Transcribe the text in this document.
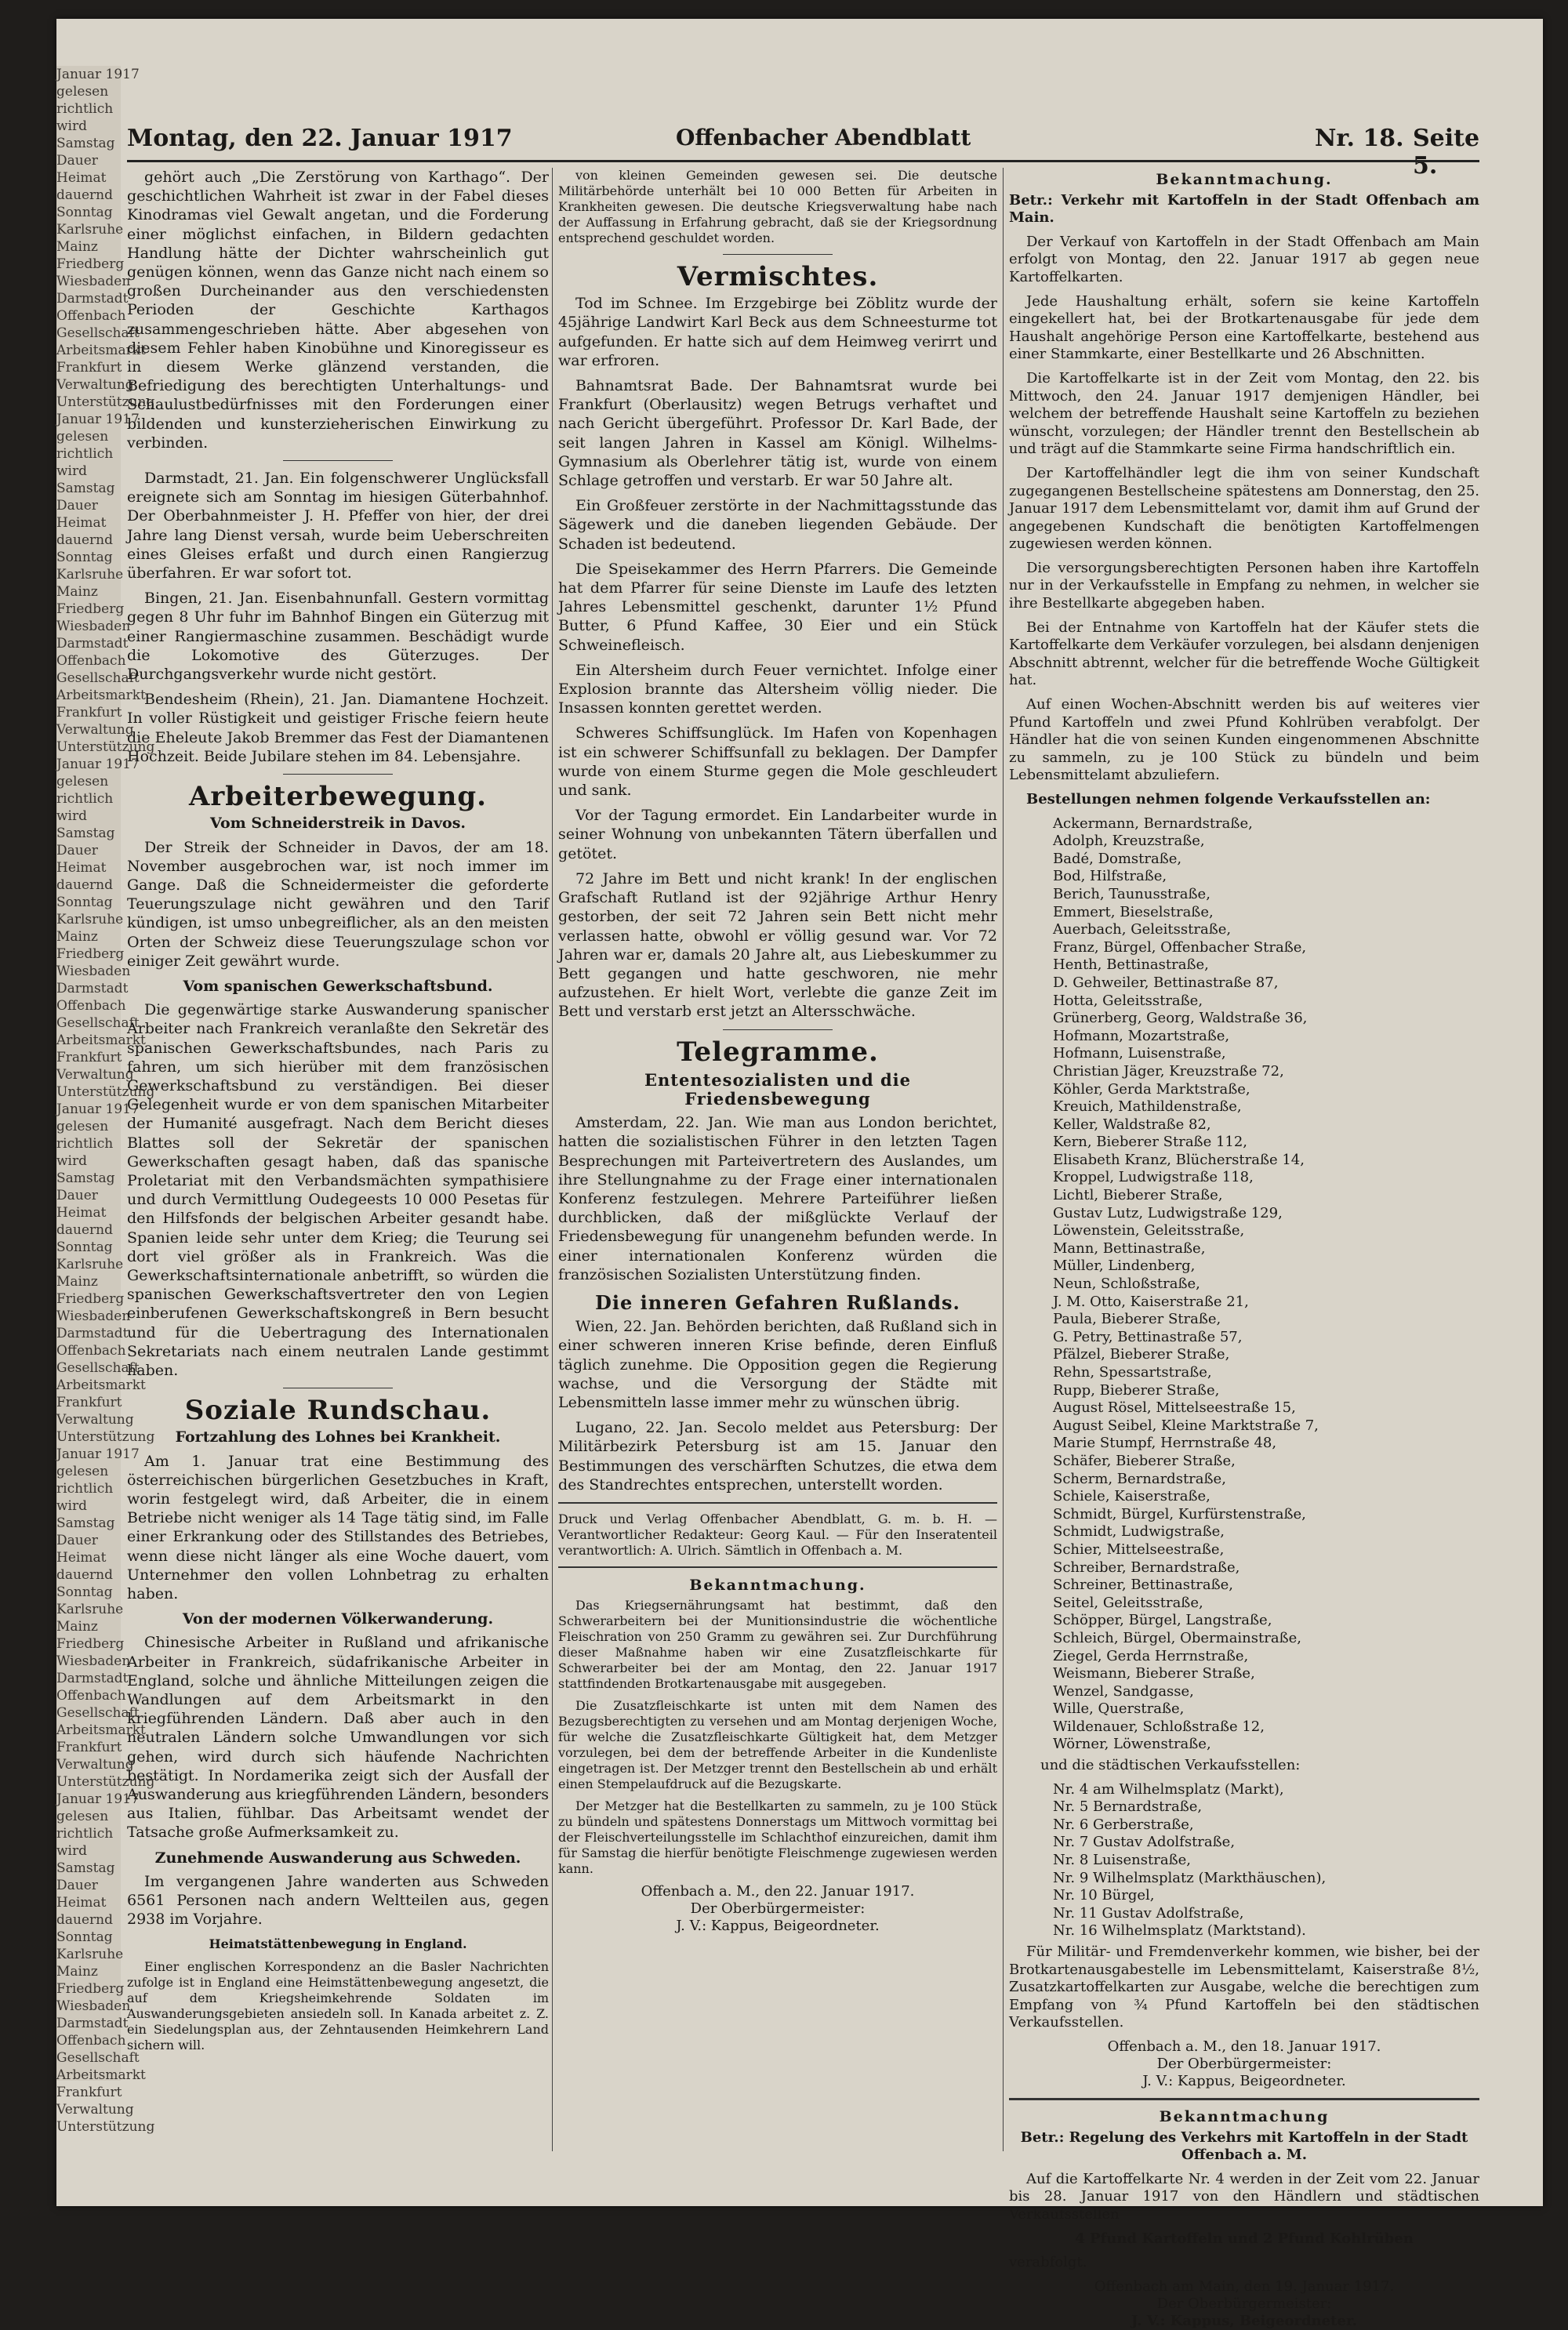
Januar 1917
gelesen
richtlich
wird
Samstag
Dauer
Heimat
dauernd
Sonntag
Karlsruhe
Mainz
Friedberg
Wiesbaden
Darmstadt
Offenbach
Gesellschaft
Arbeitsmarkt
Frankfurt
Verwaltung
Unterstützung
Januar 1917
gelesen
richtlich
wird
Samstag
Dauer
Heimat
dauernd
Sonntag
Karlsruhe
Mainz
Friedberg
Wiesbaden
Darmstadt
Offenbach
Gesellschaft
Arbeitsmarkt
Frankfurt
Verwaltung
Unterstützung
Januar 1917
gelesen
richtlich
wird
Samstag
Dauer
Heimat
dauernd
Sonntag
Karlsruhe
Mainz
Friedberg
Wiesbaden
Darmstadt
Offenbach
Gesellschaft
Arbeitsmarkt
Frankfurt
Verwaltung
Unterstützung
Januar 1917
gelesen
richtlich
wird
Samstag
Dauer
Heimat
dauernd
Sonntag
Karlsruhe
Mainz
Friedberg
Wiesbaden
Darmstadt
Offenbach
Gesellschaft
Arbeitsmarkt
Frankfurt
Verwaltung
Unterstützung
Januar 1917
gelesen
richtlich
wird
Samstag
Dauer
Heimat
dauernd
Sonntag
Karlsruhe
Mainz
Friedberg
Wiesbaden
Darmstadt
Offenbach
Gesellschaft
Arbeitsmarkt
Frankfurt
Verwaltung
Unterstützung
Januar 1917
gelesen
richtlich
wird
Samstag
Dauer
Heimat
dauernd
Sonntag
Karlsruhe
Mainz
Friedberg
Wiesbaden
Darmstadt
Offenbach
Gesellschaft
Arbeitsmarkt
Frankfurt
Verwaltung
Unterstützung
Montag, den 22. Januar 1917	Offenbacher Abendblatt	Nr. 18. Seite 5.

gehört auch „Die Zerstörung von Karthago“. Der geschichtlichen Wahrheit ist zwar in der Fabel dieses Kinodramas viel Gewalt angetan, und die Forderung einer möglichst einfachen, in Bildern gedachten Handlung hätte der Dichter wahrscheinlich gut genügen können, wenn das Ganze nicht nach einem so großen Durcheinander aus den verschiedensten Perioden der Geschichte Karthagos zusammengeschrieben hätte. Aber abgesehen von diesem Fehler haben Kinobühne und Kinoregisseur es in diesem Werke glänzend verstanden, die Befriedigung des berechtigten Unterhaltungs- und Schaulustbedürfnisses mit den Forderungen einer bildenden und kunsterzieherischen Einwirkung zu verbinden.

Darmstadt, 21. Jan. Ein folgenschwerer Unglücksfall ereignete sich am Sonntag im hiesigen Güterbahnhof. Der Oberbahnmeister J. H. Pfeffer von hier, der drei Jahre lang Dienst versah, wurde beim Ueberschreiten eines Gleises erfaßt und durch einen Rangierzug überfahren. Er war sofort tot.

Bingen, 21. Jan. Eisenbahnunfall. Gestern vormittag gegen 8 Uhr fuhr im Bahnhof Bingen ein Güterzug mit einer Rangiermaschine zusammen. Beschädigt wurde die Lokomotive des Güterzuges. Der Durchgangsverkehr wurde nicht gestört.

Bendesheim (Rhein), 21. Jan. Diamantene Hochzeit. In voller Rüstigkeit und geistiger Frische feiern heute die Eheleute Jakob Bremmer das Fest der Diamantenen Hochzeit. Beide Jubilare stehen im 84. Lebensjahre.

Arbeiterbewegung.
Vom Schneiderstreik in Davos.

Der Streik der Schneider in Davos, der am 18. November ausgebrochen war, ist noch immer im Gange. Daß die Schneidermeister die geforderte Teuerungszulage nicht gewähren und den Tarif kündigen, ist umso unbegreiflicher, als an den meisten Orten der Schweiz diese Teuerungszulage schon vor einiger Zeit gewährt wurde.

Vom spanischen Gewerkschaftsbund.

Die gegenwärtige starke Auswanderung spanischer Arbeiter nach Frankreich veranlaßte den Sekretär des spanischen Gewerkschaftsbundes, nach Paris zu fahren, um sich hierüber mit dem französischen Gewerkschaftsbund zu verständigen. Bei dieser Gelegenheit wurde er von dem spanischen Mitarbeiter der Humanité ausgefragt. Nach dem Bericht dieses Blattes soll der Sekretär der spanischen Gewerkschaften gesagt haben, daß das spanische Proletariat mit den Verbandsmächten sympathisiere und durch Vermittlung Oudegeests 10 000 Pesetas für den Hilfsfonds der belgischen Arbeiter gesandt habe. Spanien leide sehr unter dem Krieg; die Teurung sei dort viel größer als in Frankreich. Was die Gewerkschaftsinternationale anbetrifft, so würden die spanischen Gewerkschaftsvertreter den von Legien einberufenen Gewerkschaftskongreß in Bern besucht und für die Uebertragung des Internationalen Sekretariats nach einem neutralen Lande gestimmt haben.

Soziale Rundschau.
Fortzahlung des Lohnes bei Krankheit.

Am 1. Januar trat eine Bestimmung des österreichischen bürgerlichen Gesetzbuches in Kraft, worin festgelegt wird, daß Arbeiter, die in einem Betriebe nicht weniger als 14 Tage tätig sind, im Falle einer Erkrankung oder des Stillstandes des Betriebes, wenn diese nicht länger als eine Woche dauert, vom Unternehmer den vollen Lohnbetrag zu erhalten haben.

Von der modernen Völkerwanderung.

Chinesische Arbeiter in Rußland und afrikanische Arbeiter in Frankreich, südafrikanische Arbeiter in England, solche und ähnliche Mitteilungen zeigen die Wandlungen auf dem Arbeitsmarkt in den kriegführenden Ländern. Daß aber auch in den neutralen Ländern solche Umwandlungen vor sich gehen, wird durch sich häufende Nachrichten bestätigt. In Nordamerika zeigt sich der Ausfall der Auswanderung aus kriegführenden Ländern, besonders aus Italien, fühlbar. Das Arbeitsamt wendet der Tatsache große Aufmerksamkeit zu.

Zunehmende Auswanderung aus Schweden.

Im vergangenen Jahre wanderten aus Schweden 6561 Personen nach andern Weltteilen aus, gegen 2938 im Vorjahre.

Heimatstättenbewegung in England.

Einer englischen Korrespondenz an die Basler Nachrichten zufolge ist in England eine Heimstättenbewegung angesetzt, die auf dem Kriegsheimkehrende Soldaten im Auswanderungsgebieten ansiedeln soll. In Kanada arbeitet z. Z. ein Siedelungsplan aus, der Zehntausenden Heimkehrern Land sichern will.

von kleinen Gemeinden gewesen sei. Die deutsche Militärbehörde unterhält bei 10 000 Betten für Arbeiten in Krankheiten gewesen. Die deutsche Kriegsverwaltung habe nach der Auffassung in Erfahrung gebracht, daß sie der Kriegsordnung entsprechend geschuldet worden.

Vermischtes.

Tod im Schnee. Im Erzgebirge bei Zöblitz wurde der 45jährige Landwirt Karl Beck aus dem Schneesturme tot aufgefunden. Er hatte sich auf dem Heimweg verirrt und war erfroren.

Bahnamtsrat Bade. Der Bahnamtsrat wurde bei Frankfurt (Oberlausitz) wegen Betrugs verhaftet und nach Gericht übergeführt. Professor Dr. Karl Bade, der seit langen Jahren in Kassel am Königl. Wilhelms-Gymnasium als Oberlehrer tätig ist, wurde von einem Schlage getroffen und verstarb. Er war 50 Jahre alt.

Ein Großfeuer zerstörte in der Nachmittagsstunde das Sägewerk und die daneben liegenden Gebäude. Der Schaden ist bedeutend.

Die Speisekammer des Herrn Pfarrers. Die Gemeinde hat dem Pfarrer für seine Dienste im Laufe des letzten Jahres Lebensmittel geschenkt, darunter 1½ Pfund Butter, 6 Pfund Kaffee, 30 Eier und ein Stück Schweinefleisch.

Ein Altersheim durch Feuer vernichtet. Infolge einer Explosion brannte das Altersheim völlig nieder. Die Insassen konnten gerettet werden.

Schweres Schiffsunglück. Im Hafen von Kopenhagen ist ein schwerer Schiffsunfall zu beklagen. Der Dampfer wurde von einem Sturme gegen die Mole geschleudert und sank.

Vor der Tagung ermordet. Ein Landarbeiter wurde in seiner Wohnung von unbekannten Tätern überfallen und getötet.

72 Jahre im Bett und nicht krank! In der englischen Grafschaft Rutland ist der 92jährige Arthur Henry gestorben, der seit 72 Jahren sein Bett nicht mehr verlassen hatte, obwohl er völlig gesund war. Vor 72 Jahren war er, damals 20 Jahre alt, aus Liebeskummer zu Bett gegangen und hatte geschworen, nie mehr aufzustehen. Er hielt Wort, verlebte die ganze Zeit im Bett und verstarb erst jetzt an Altersschwäche.

Telegramme.
Ententesozialisten und die Friedensbewegung

Amsterdam, 22. Jan. Wie man aus London berichtet, hatten die sozialistischen Führer in den letzten Tagen Besprechungen mit Parteivertretern des Auslandes, um ihre Stellungnahme zu der Frage einer internationalen Konferenz festzulegen. Mehrere Parteiführer ließen durchblicken, daß der mißglückte Verlauf der Friedensbewegung für unangenehm befunden werde. In einer internationalen Konferenz würden die französischen Sozialisten Unterstützung finden.

Die inneren Gefahren Rußlands.

Wien, 22. Jan. Behörden berichten, daß Rußland sich in einer schweren inneren Krise befinde, deren Einfluß täglich zunehme. Die Opposition gegen die Regierung wachse, und die Versorgung der Städte mit Lebensmitteln lasse immer mehr zu wünschen übrig.

Lugano, 22. Jan. Secolo meldet aus Petersburg: Der Militärbezirk Petersburg ist am 15. Januar den Bestimmungen des verschärften Schutzes, die etwa dem des Standrechtes entsprechen, unterstellt worden.

Druck und Verlag Offenbacher Abendblatt, G. m. b. H. — Verantwortlicher Redakteur: Georg Kaul. — Für den Inseratenteil verantwortlich: A. Ulrich. Sämtlich in Offenbach a. M.

Bekanntmachung.

Das Kriegsernährungsamt hat bestimmt, daß den Schwerarbeitern bei der Munitionsindustrie die wöchentliche Fleischration von 250 Gramm zu gewähren sei. Zur Durchführung dieser Maßnahme haben wir eine Zusatzfleischkarte für Schwerarbeiter bei der am Montag, den 22. Januar 1917 stattfindenden Brotkartenausgabe mit ausgegeben.

Die Zusatzfleischkarte ist unten mit dem Namen des Bezugsberechtigten zu versehen und am Montag derjenigen Woche, für welche die Zusatzfleischkarte Gültigkeit hat, dem Metzger vorzulegen, bei dem der betreffende Arbeiter in die Kundenliste eingetragen ist. Der Metzger trennt den Bestellschein ab und erhält einen Stempelaufdruck auf die Bezugskarte.

Der Metzger hat die Bestellkarten zu sammeln, zu je 100 Stück zu bündeln und spätestens Donnerstags um Mittwoch vormittag bei der Fleischverteilungsstelle im Schlachthof einzureichen, damit ihm für Samstag die hierfür benötigte Fleischmenge zugewiesen werden kann.

Offenbach a. M., den 22. Januar 1917.
Der Oberbürgermeister:
J. V.: Kappus, Beigeordneter.
Bekanntmachung.

Betr.: Verkehr mit Kartoffeln in der Stadt Offenbach am Main.

Der Verkauf von Kartoffeln in der Stadt Offenbach am Main erfolgt von Montag, den 22. Januar 1917 ab gegen neue Kartoffelkarten.

Jede Haushaltung erhält, sofern sie keine Kartoffeln eingekellert hat, bei der Brotkartenausgabe für jede dem Haushalt angehörige Person eine Kartoffelkarte, bestehend aus einer Stammkarte, einer Bestellkarte und 26 Abschnitten.

Die Kartoffelkarte ist in der Zeit vom Montag, den 22. bis Mittwoch, den 24. Januar 1917 demjenigen Händler, bei welchem der betreffende Haushalt seine Kartoffeln zu beziehen wünscht, vorzulegen; der Händler trennt den Bestellschein ab und trägt auf die Stammkarte seine Firma handschriftlich ein.

Der Kartoffelhändler legt die ihm von seiner Kundschaft zugegangenen Bestellscheine spätestens am Donnerstag, den 25. Januar 1917 dem Lebensmittelamt vor, damit ihm auf Grund der angegebenen Kundschaft die benötigten Kartoffelmengen zugewiesen werden können.

Die versorgungsberechtigten Personen haben ihre Kartoffeln nur in der Verkaufsstelle in Empfang zu nehmen, in welcher sie ihre Bestellkarte abgegeben haben.

Bei der Entnahme von Kartoffeln hat der Käufer stets die Kartoffelkarte dem Verkäufer vorzulegen, bei alsdann denjenigen Abschnitt abtrennt, welcher für die betreffende Woche Gültigkeit hat.

Auf einen Wochen-Abschnitt werden bis auf weiteres vier Pfund Kartoffeln und zwei Pfund Kohlrüben verabfolgt. Der Händler hat die von seinen Kunden eingenommenen Abschnitte zu sammeln, zu je 100 Stück zu bündeln und beim Lebensmittelamt abzuliefern.

Bestellungen nehmen folgende Verkaufsstellen an:

Ackermann, Bernardstraße,
Adolph, Kreuzstraße,
Badé, Domstraße,
Bod, Hilfstraße,
Berich, Taunusstraße,
Emmert, Bieselstraße,
Auerbach, Geleitsstraße,
Franz, Bürgel, Offenbacher Straße,
Henth, Bettinastraße,
D. Gehweiler, Bettinastraße 87,
Hotta, Geleitsstraße,
Grünerberg, Georg, Waldstraße 36,
Hofmann, Mozartstraße,
Hofmann, Luisenstraße,
Christian Jäger, Kreuzstraße 72,
Köhler, Gerda Marktstraße,
Kreuich, Mathildenstraße,
Keller, Waldstraße 82,
Kern, Bieberer Straße 112,
Elisabeth Kranz, Blücherstraße 14,
Kroppel, Ludwigstraße 118,
Lichtl, Bieberer Straße,
Gustav Lutz, Ludwigstraße 129,
Löwenstein, Geleitsstraße,
Mann, Bettinastraße,
Müller, Lindenberg,
Neun, Schloßstraße,
J. M. Otto, Kaiserstraße 21,
Paula, Bieberer Straße,
G. Petry, Bettinastraße 57,
Pfälzel, Bieberer Straße,
Rehn, Spessartstraße,
Rupp, Bieberer Straße,
August Rösel, Mittelseestraße 15,
August Seibel, Kleine Marktstraße 7,
Marie Stumpf, Herrnstraße 48,
Schäfer, Bieberer Straße,
Scherm, Bernardstraße,
Schiele, Kaiserstraße,
Schmidt, Bürgel, Kurfürstenstraße,
Schmidt, Ludwigstraße,
Schier, Mittelseestraße,
Schreiber, Bernardstraße,
Schreiner, Bettinastraße,
Seitel, Geleitsstraße,
Schöpper, Bürgel, Langstraße,
Schleich, Bürgel, Obermainstraße,
Ziegel, Gerda Herrnstraße,
Weismann, Bieberer Straße,
Wenzel, Sandgasse,
Wille, Querstraße,
Wildenauer, Schloßstraße 12,
Wörner, Löwenstraße,

und die städtischen Verkaufsstellen:

Nr. 4 am Wilhelmsplatz (Markt),
Nr. 5 Bernardstraße,
Nr. 6 Gerberstraße,
Nr. 7 Gustav Adolfstraße,
Nr. 8 Luisenstraße,
Nr. 9 Wilhelmsplatz (Markthäuschen),
Nr. 10 Bürgel,
Nr. 11 Gustav Adolfstraße,
Nr. 16 Wilhelmsplatz (Marktstand).

Für Militär- und Fremdenverkehr kommen, wie bisher, bei der Brotkartenausgabestelle im Lebensmittelamt, Kaiserstraße 8½, Zusatzkartoffelkarten zur Ausgabe, welche die berechtigen zum Empfang von ¾ Pfund Kartoffeln bei den städtischen Verkaufsstellen.

Offenbach a. M., den 18. Januar 1917.
Der Oberbürgermeister:
J. V.: Kappus, Beigeordneter.
Bekanntmachung

Betr.: Regelung des Verkehrs mit Kartoffeln in der Stadt Offenbach a. M.

Auf die Kartoffelkarte Nr. 4 werden in der Zeit vom 22. Januar bis 28. Januar 1917 von den Händlern und städtischen Verkaufsstellen

4 Pfund Kartoffeln und 2 Pfund Kohlrüben

verabfolgt.

Offenbach am Main, den 19. Januar 1917.
Der Oberbürgermeister:
J. V.: Kappus, Beigeordneter.
